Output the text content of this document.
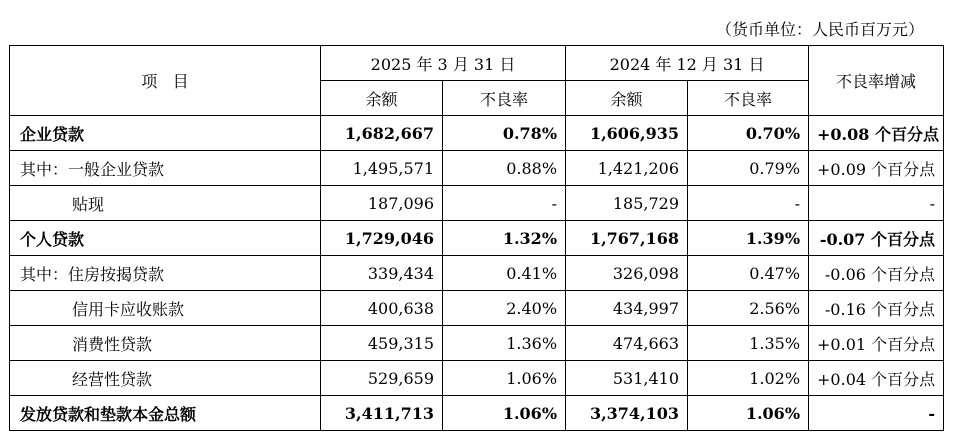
（货币单位：人民币百万元）
项   目	2025 年 3 月 31 日		2024 年 12 月 31 日		不良率增减
	余额	不良率	余额	不良率	
企业贷款	1,682,667	0.78%	1,606,935	0.70%	+0.08 个百分点
其中：一般企业贷款	1,495,571	0.88%	1,421,206	0.79%	+0.09 个百分点
贴现	187,096	-	185,729	-	-
个人贷款	1,729,046	1.32%	1,767,168	1.39%	-0.07 个百分点
其中：住房按揭贷款	339,434	0.41%	326,098	0.47%	-0.06 个百分点
信用卡应收账款	400,638	2.40%	434,997	2.56%	-0.16 个百分点
消费性贷款	459,315	1.36%	474,663	1.35%	+0.01 个百分点
经营性贷款	529,659	1.06%	531,410	1.02%	+0.04 个百分点
发放贷款和垫款本金总额	3,411,713	1.06%	3,374,103	1.06%	-
